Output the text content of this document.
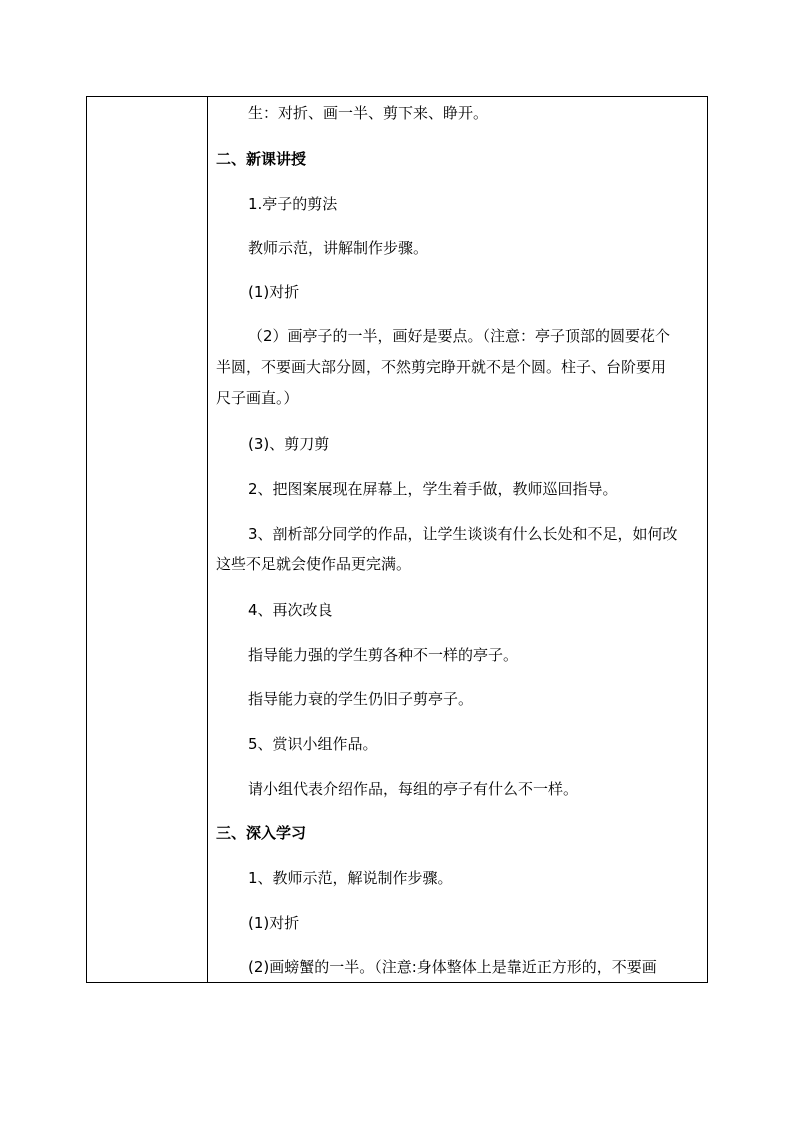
生：对折、画一半、剪下来、睁开。
二、新课讲授
1.亭子的剪法
教师示范，讲解制作步骤。
(1)对折
（2）画亭子的一半，画好是要点。（注意：亭子顶部的圆要花个
半圆，不要画大部分圆，不然剪完睁开就不是个圆。柱子、台阶要用
尺子画直。）
(3)、剪刀剪
2、把图案展现在屏幕上，学生着手做，教师巡回指导。
3、剖析部分同学的作品，让学生谈谈有什么长处和不足，如何改
这些不足就会使作品更完满。
4、再次改良
指导能力强的学生剪各种不一样的亭子。
指导能力衰的学生仍旧子剪亭子。
5、赏识小组作品。
请小组代表介绍作品，每组的亭子有什么不一样。
三、深入学习
1、教师示范，解说制作步骤。
(1)对折
(2)画螃蟹的一半。（注意:身体整体上是靠近正方形的，不要画
